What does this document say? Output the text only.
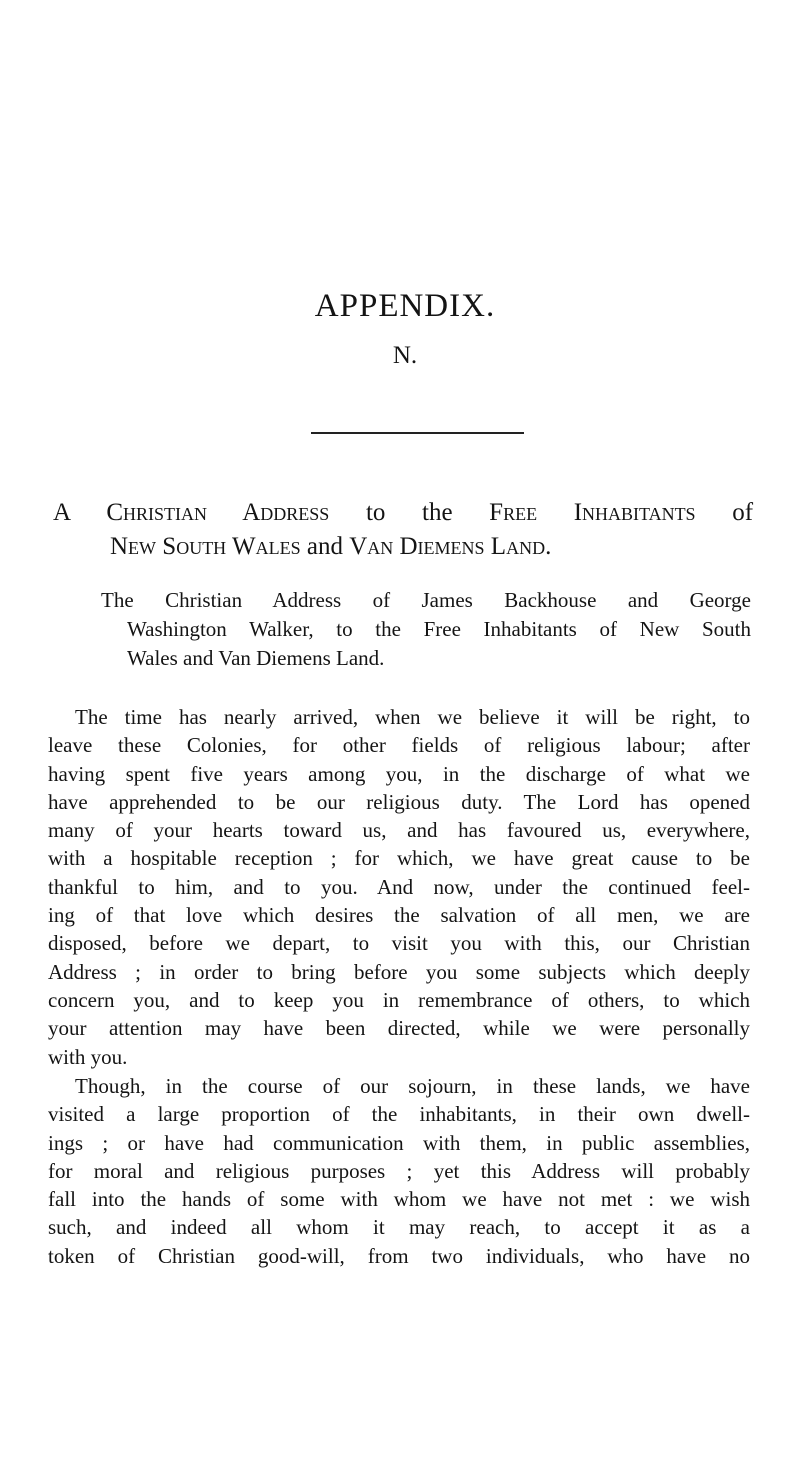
APPENDIX.
N.
A Christian Address to the Free Inhabitants of
New South Wales and Van Diemens Land.
The Christian Address of James Backhouse and George
Washington Walker, to the Free Inhabitants of New South
Wales and Van Diemens Land.
The time has nearly arrived, when we believe it will be right, to
leave these Colonies, for other fields of religious labour; after
having spent five years among you, in the discharge of what we
have apprehended to be our religious duty. The Lord has opened
many of your hearts toward us, and has favoured us, everywhere,
with a hospitable reception ; for which, we have great cause to be
thankful to him, and to you. And now, under the continued feel-
ing of that love which desires the salvation of all men, we are
disposed, before we depart, to visit you with this, our Christian
Address ; in order to bring before you some subjects which deeply
concern you, and to keep you in remembrance of others, to which
your attention may have been directed, while we were personally
with you.
Though, in the course of our sojourn, in these lands, we have
visited a large proportion of the inhabitants, in their own dwell-
ings ; or have had communication with them, in public assemblies,
for moral and religious purposes ; yet this Address will probably
fall into the hands of some with whom we have not met : we wish
such, and indeed all whom it may reach, to accept it as a
token of Christian good-will, from two individuals, who have no
